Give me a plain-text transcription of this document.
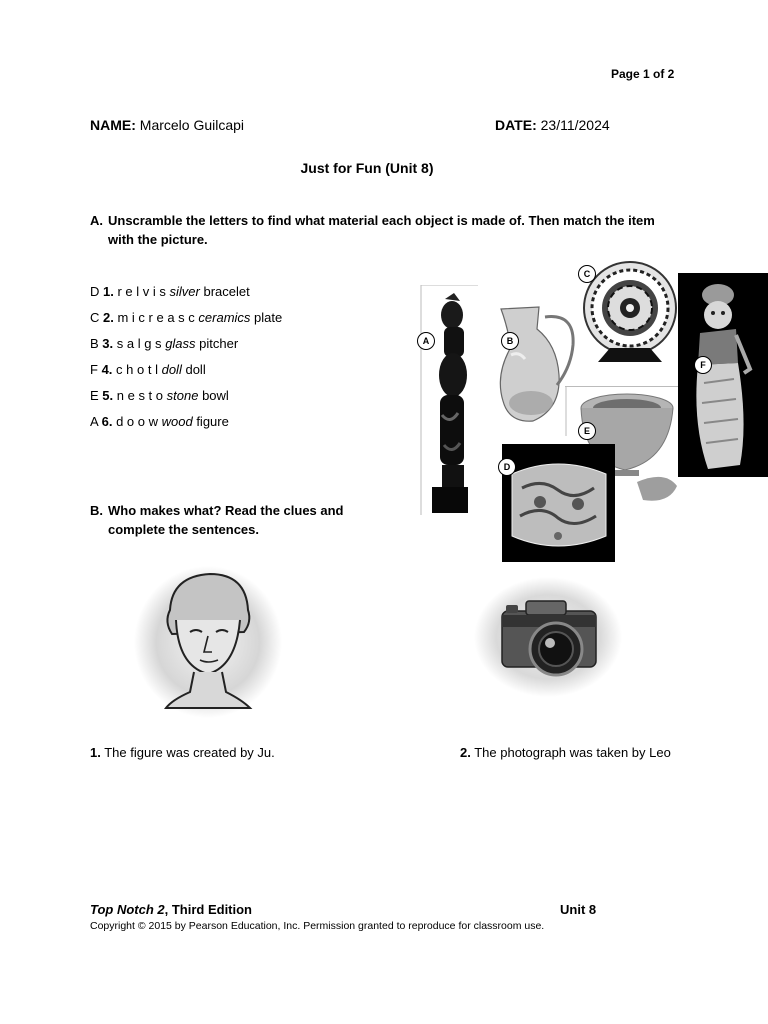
Page 1 of 2
NAME: Marcelo Guilcapi	DATE: 23/11/2024
Just for Fun (Unit 8)
A. Unscramble the letters to find what material each object is made of. Then match the item with the picture.
D 1. r e l v i s silver bracelet
C 2. m i c r e a s c ceramics plate
B 3. s a l g s glass pitcher
F 4. c h o t l doll doll
E 5. n e s t o stone bowl
A 6. d o o w wood figure
A	B
C
D
E
F
B. Who makes what? Read the clues and complete the sentences.
1. The figure was created by Ju.	2. The photograph was taken by Leo
Top Notch 2, Third Edition	Unit 8
Copyright © 2015 by Pearson Education, Inc. Permission granted to reproduce for classroom use.
